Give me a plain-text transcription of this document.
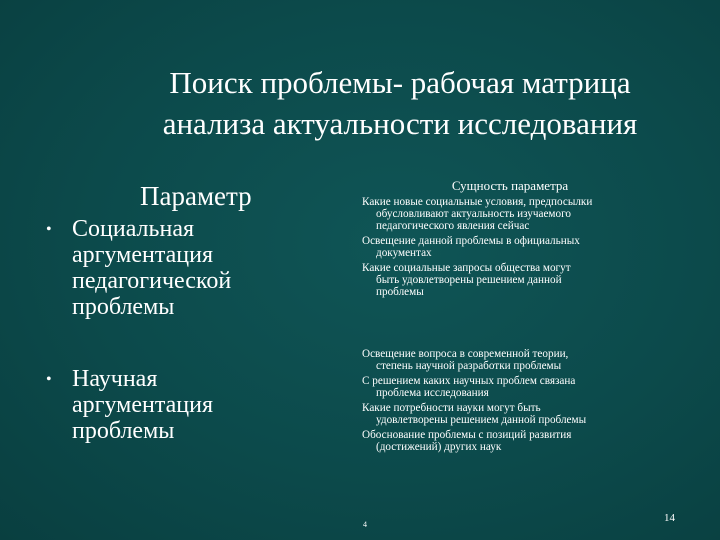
Поиск проблемы- рабочая матрица
анализа актуальности исследования
Параметр
• Социальная
аргументация
педагогической
проблемы
• Научная
аргументация
проблемы
Сущность параметра
Какие новые социальные условия, предпосылки
обусловливают актуальность изучаемого
педагогического явления сейчас
Освещение данной проблемы в официальных
документах
Какие социальные запросы общества могут
быть удовлетворены решением данной
проблемы
Освещение вопроса в современной теории,
степень научной разработки проблемы
С решением каких научных проблем связана
проблема исследования
Какие потребности науки могут быть
удовлетворены решением данной проблемы
Обоснование проблемы с позиций развития
(достижений) других наук
4
14
